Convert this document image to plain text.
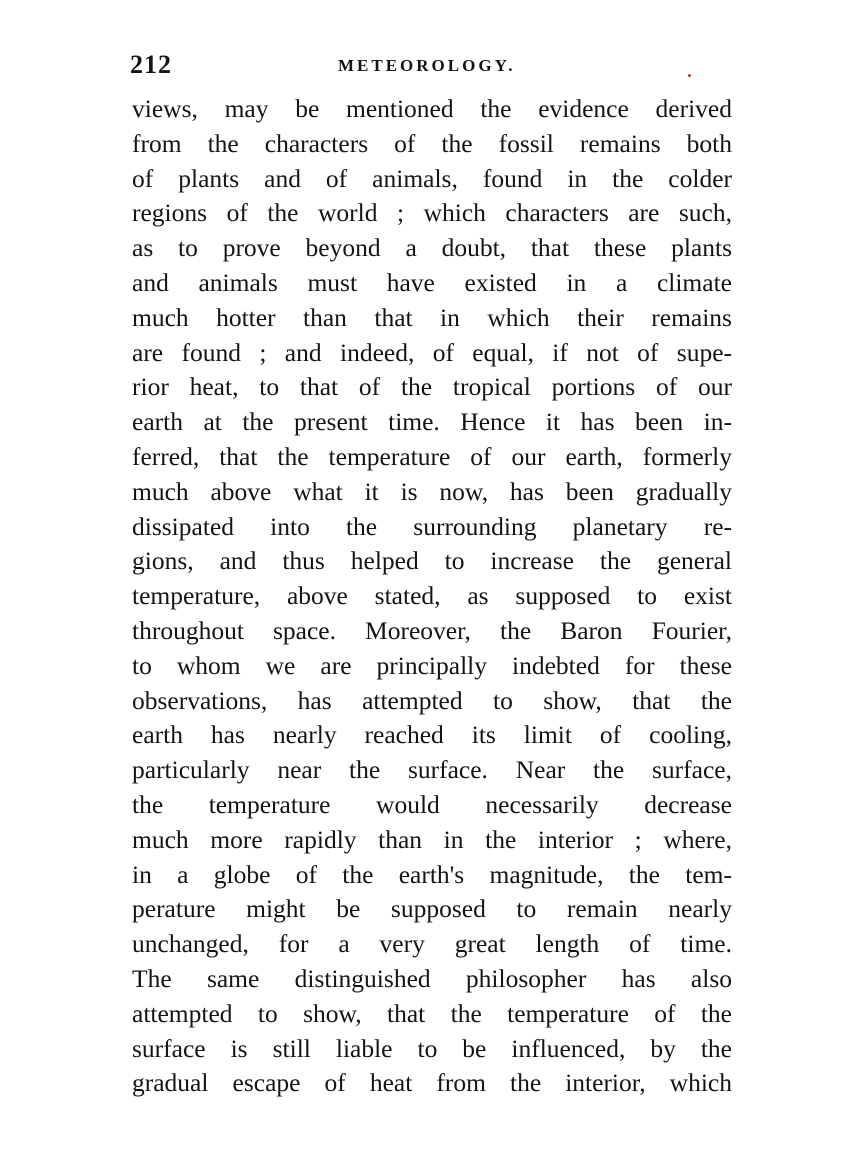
212	METEOROLOGY.
views, may be mentioned the evidence derived
from the characters of the fossil remains both
of plants and of animals, found in the colder
regions of the world ; which characters are such,
as to prove beyond a doubt, that these plants
and animals must have existed in a climate
much hotter than that in which their remains
are found ; and indeed, of equal, if not of supe-
rior heat, to that of the tropical portions of our
earth at the present time. Hence it has been in-
ferred, that the temperature of our earth, formerly
much above what it is now, has been gradually
dissipated into the surrounding planetary re-
gions, and thus helped to increase the general
temperature, above stated, as supposed to exist
throughout space. Moreover, the Baron Fourier,
to whom we are principally indebted for these
observations, has attempted to show, that the
earth has nearly reached its limit of cooling,
particularly near the surface. Near the surface,
the temperature would necessarily decrease
much more rapidly than in the interior ; where,
in a globe of the earth's magnitude, the tem-
perature might be supposed to remain nearly
unchanged, for a very great length of time.
The same distinguished philosopher has also
attempted to show, that the temperature of the
surface is still liable to be influenced, by the
gradual escape of heat from the interior, which
